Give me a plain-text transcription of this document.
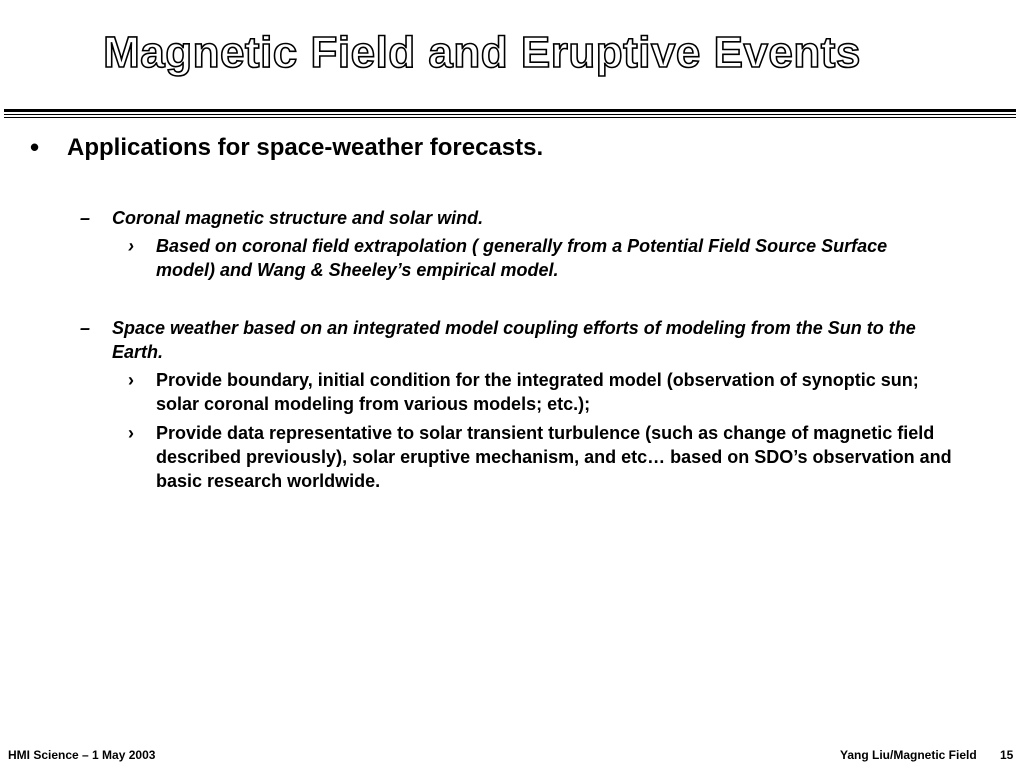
Magnetic Field and Eruptive Events
• Applications for space-weather forecasts.
– Coronal magnetic structure and solar wind.
› Based on coronal field extrapolation ( generally from a Potential Field Source Surface model) and Wang & Sheeley’s empirical model.
– Space weather based on an integrated model coupling efforts of modeling from the Sun to the Earth.
› Provide boundary, initial condition for the integrated model (observation of synoptic sun; solar coronal modeling from various models; etc.);
› Provide data representative to solar transient turbulence (such as change of magnetic field described previously), solar eruptive mechanism, and etc… based on SDO’s observation and basic research worldwide.
HMI Science – 1 May 2003	Yang Liu/Magnetic Field 15
